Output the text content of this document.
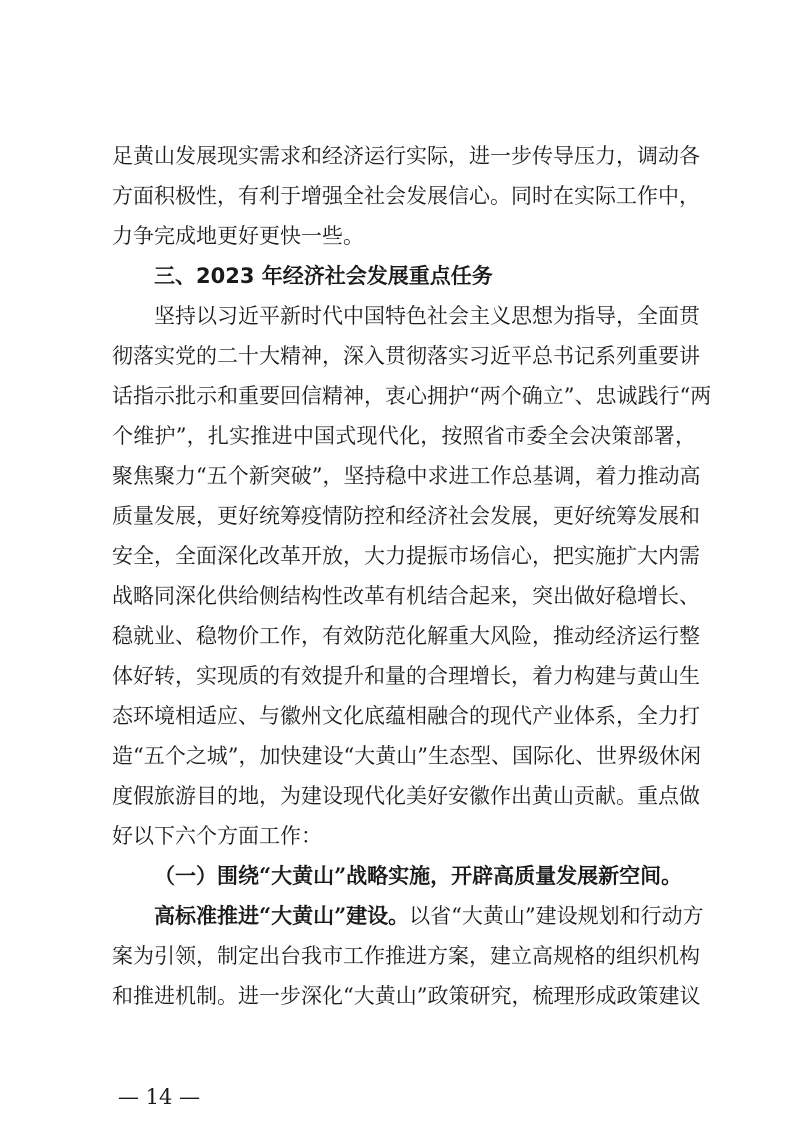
足黄山发展现实需求和经济运行实际，进一步传导压力，调动各
方面积极性，有利于增强全社会发展信心。同时在实际工作中，
力争完成地更好更快一些。
三、2023 年经济社会发展重点任务
坚持以习近平新时代中国特色社会主义思想为指导，全面贯
彻落实党的二十大精神，深入贯彻落实习近平总书记系列重要讲
话指示批示和重要回信精神，衷心拥护“两个确立”、忠诚践行“两
个维护”，扎实推进中国式现代化，按照省市委全会决策部署，
聚焦聚力“五个新突破”，坚持稳中求进工作总基调，着力推动高
质量发展，更好统筹疫情防控和经济社会发展，更好统筹发展和
安全，全面深化改革开放，大力提振市场信心，把实施扩大内需
战略同深化供给侧结构性改革有机结合起来，突出做好稳增长、
稳就业、稳物价工作，有效防范化解重大风险，推动经济运行整
体好转，实现质的有效提升和量的合理增长，着力构建与黄山生
态环境相适应、与徽州文化底蕴相融合的现代产业体系，全力打
造“五个之城”，加快建设“大黄山”生态型、国际化、世界级休闲
度假旅游目的地，为建设现代化美好安徽作出黄山贡献。重点做
好以下六个方面工作：
（一）围绕“大黄山”战略实施，开辟高质量发展新空间。
高标准推进“大黄山”建设。以省“大黄山”建设规划和行动方
案为引领，制定出台我市工作推进方案，建立高规格的组织机构
和推进机制。进一步深化“大黄山”政策研究，梳理形成政策建议
— 14 —
